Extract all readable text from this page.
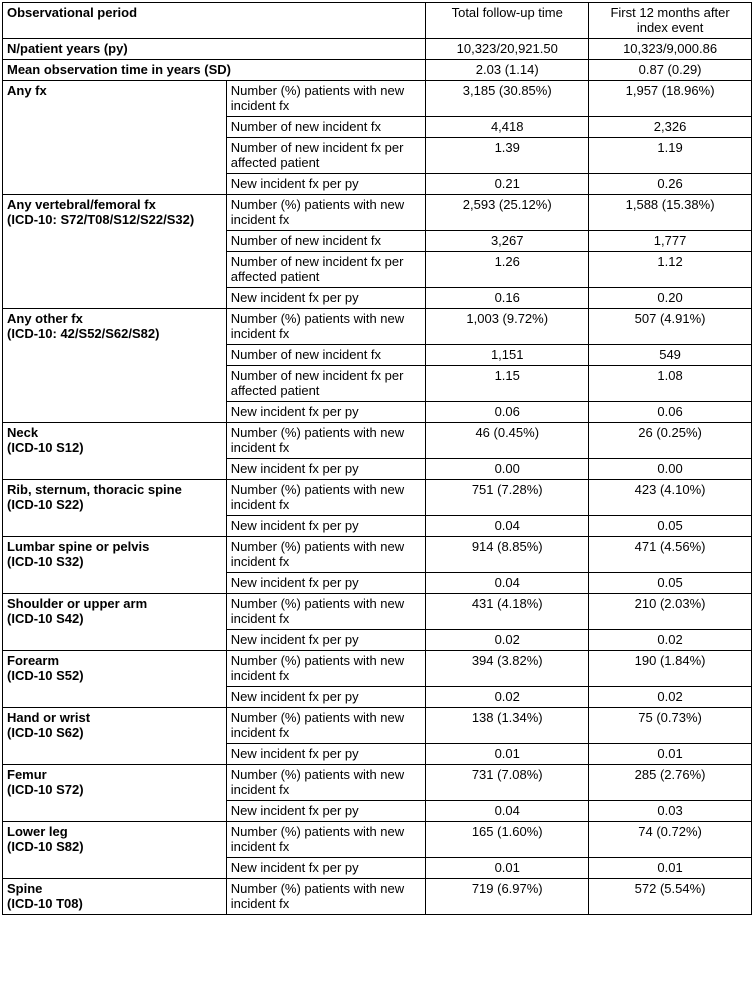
Observational period		Total follow-up time	First 12 months after index event
N/patient years (py)		10,323/20,921.50	10,323/9,000.86
Mean observation time in years (SD)		2.03 (1.14)	0.87 (0.29)

Any fx	Number (%) patients with new incident fx	3,185 (30.85%)	1,957 (18.96%)
	Number of new incident fx	4,418	2,326
	Number of new incident fx per affected patient	1.39	1.19
	New incident fx per py	0.21	0.26

Any vertebral/femoral fx
(ICD-10: S72/T08/S12/S22/S32)	Number (%) patients with new incident fx	2,593 (25.12%)	1,588 (15.38%)
	Number of new incident fx	3,267	1,777
	Number of new incident fx per affected patient	1.26	1.12
	New incident fx per py	0.16	0.20

Any other fx
(ICD-10: 42/S52/S62/S82)	Number (%) patients with new incident fx	1,003 (9.72%)	507 (4.91%)
	Number of new incident fx	1,151	549
	Number of new incident fx per affected patient	1.15	1.08
	New incident fx per py	0.06	0.06

Neck
(ICD-10 S12)	Number (%) patients with new incident fx	46 (0.45%)	26 (0.25%)
	New incident fx per py	0.00	0.00

Rib, sternum, thoracic spine
(ICD-10 S22)	Number (%) patients with new incident fx	751 (7.28%)	423 (4.10%)
	New incident fx per py	0.04	0.05

Lumbar spine or pelvis
(ICD-10 S32)	Number (%) patients with new incident fx	914 (8.85%)	471 (4.56%)
	New incident fx per py	0.04	0.05

Shoulder or upper arm
(ICD-10 S42)	Number (%) patients with new incident fx	431 (4.18%)	210 (2.03%)
	New incident fx per py	0.02	0.02

Forearm
(ICD-10 S52)	Number (%) patients with new incident fx	394 (3.82%)	190 (1.84%)
	New incident fx per py	0.02	0.02

Hand or wrist
(ICD-10 S62)	Number (%) patients with new incident fx	138 (1.34%)	75 (0.73%)
	New incident fx per py	0.01	0.01

Femur
(ICD-10 S72)	Number (%) patients with new incident fx	731 (7.08%)	285 (2.76%)
	New incident fx per py	0.04	0.03

Lower leg
(ICD-10 S82)	Number (%) patients with new incident fx	165 (1.60%)	74 (0.72%)
	New incident fx per py	0.01	0.01

Spine
(ICD-10 T08)	Number (%) patients with new incident fx	719 (6.97%)	572 (5.54%)
